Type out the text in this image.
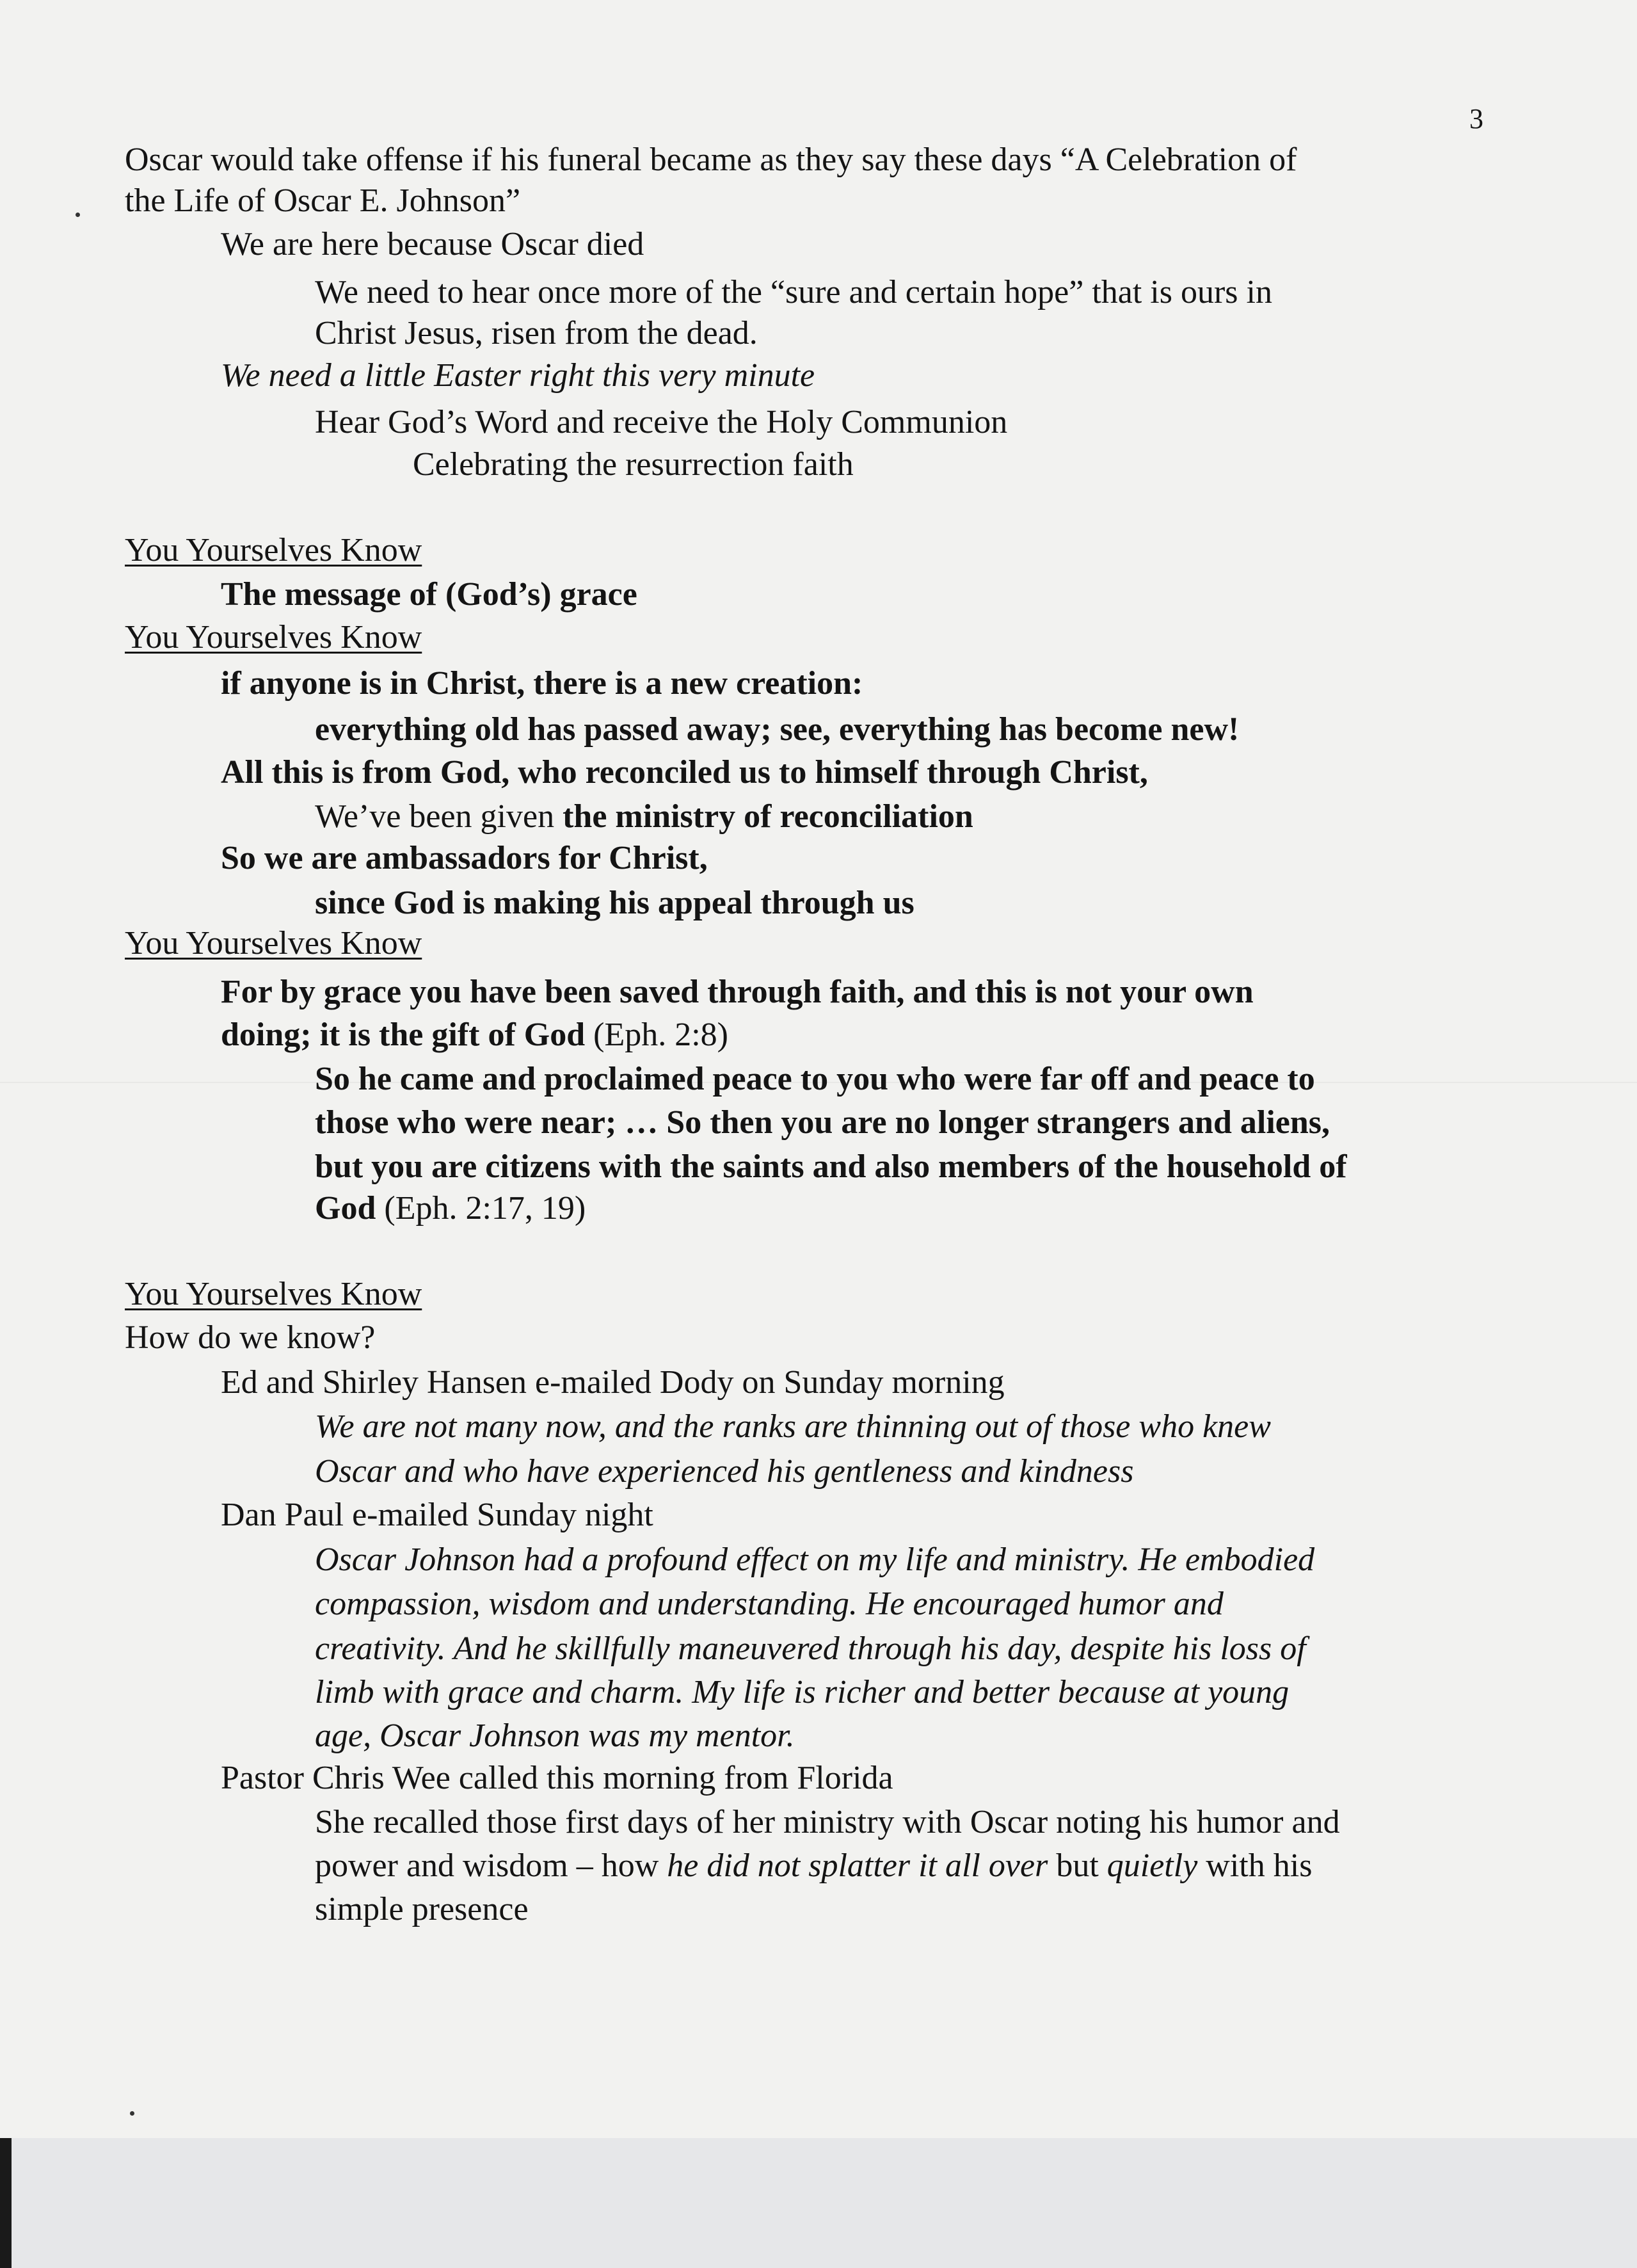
3
Oscar would take offense if his funeral became as they say these days “A Celebration of
the Life of Oscar E. Johnson”
We are here because Oscar died
We need to hear once more of the “sure and certain hope” that is ours in
Christ Jesus, risen from the dead.
We need a little Easter right this very minute
Hear God’s Word and receive the Holy Communion
Celebrating the resurrection faith
You Yourselves Know
The message of (God’s) grace
You Yourselves Know
if anyone is in Christ, there is a new creation:
everything old has passed away; see, everything has become new!
All this is from God, who reconciled us to himself through Christ,
We’ve been given the ministry of reconciliation
So we are ambassadors for Christ,
since God is making his appeal through us
You Yourselves Know
For by grace you have been saved through faith, and this is not your own
doing; it is the gift of God (Eph. 2:8)
So he came and proclaimed peace to you who were far off and peace to
those who were near; … So then you are no longer strangers and aliens,
but you are citizens with the saints and also members of the household of
God (Eph. 2:17, 19)
You Yourselves Know
How do we know?
Ed and Shirley Hansen e-mailed Dody on Sunday morning
We are not many now, and the ranks are thinning out of those who knew
Oscar and who have experienced his gentleness and kindness
Dan Paul e-mailed Sunday night
Oscar Johnson had a profound effect on my life and ministry. He embodied
compassion, wisdom and understanding. He encouraged humor and
creativity. And he skillfully maneuvered through his day, despite his loss of
limb with grace and charm. My life is richer and better because at young
age, Oscar Johnson was my mentor.
Pastor Chris Wee called this morning from Florida
She recalled those first days of her ministry with Oscar noting his humor and
power and wisdom – how he did not splatter it all over but quietly with his
simple presence
